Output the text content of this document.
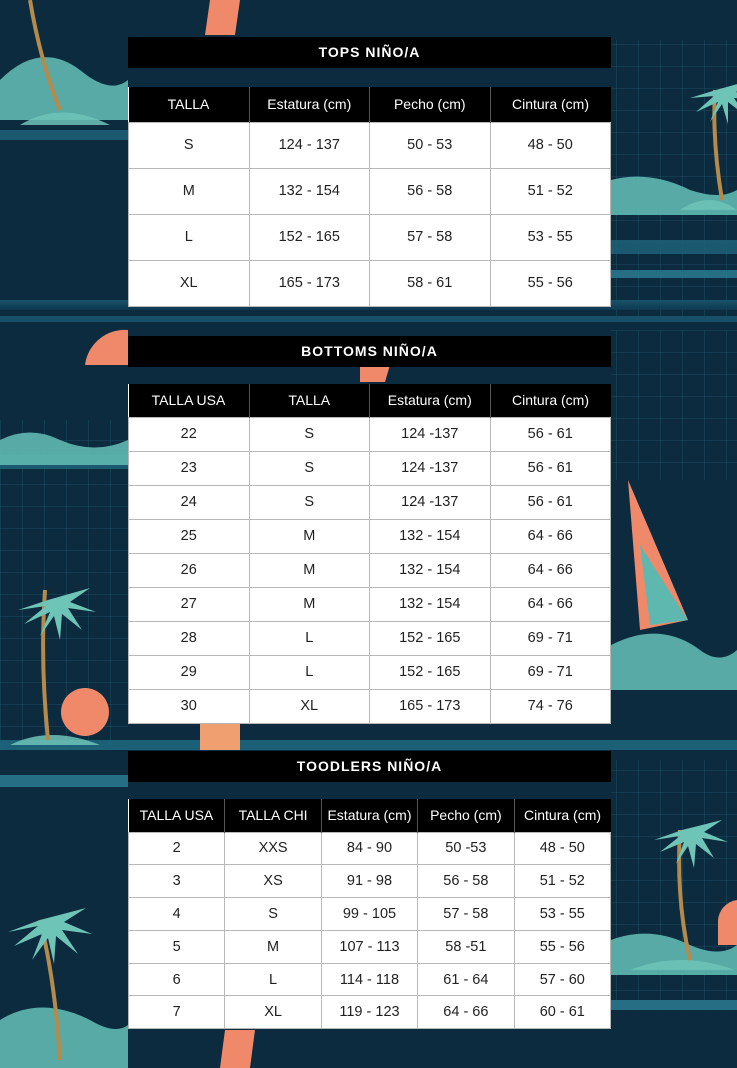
TOPS NIÑO/A
TALLA	Estatura (cm)	Pecho (cm)	Cintura (cm)
S	124 - 137	50 - 53	48 - 50
M	132 - 154	56 - 58	51 - 52
L	152 - 165	57 - 58	53 - 55
XL	165 - 173	58 - 61	55 - 56
BOTTOMS NIÑO/A
TALLA USA	TALLA	Estatura (cm)	Cintura (cm)
22	S	124 -137	56 - 61
23	S	124 -137	56 - 61
24	S	124 -137	56 - 61
25	M	132 - 154	64 - 66
26	M	132 - 154	64 - 66
27	M	132 - 154	64 - 66
28	L	152 - 165	69 - 71
29	L	152 - 165	69 - 71
30	XL	165 - 173	74 - 76
TOODLERS NIÑO/A
TALLA USA	TALLA CHI	Estatura (cm)	Pecho (cm)	Cintura (cm)
2	XXS	84 - 90	50 -53	48 - 50
3	XS	91 - 98	56 - 58	51 - 52
4	S	99 - 105	57 - 58	53 - 55
5	M	107 - 113	58 -51	55 - 56
6	L	114 - 118	61 - 64	57 - 60
7	XL	119 - 123	64 - 66	60 - 61
